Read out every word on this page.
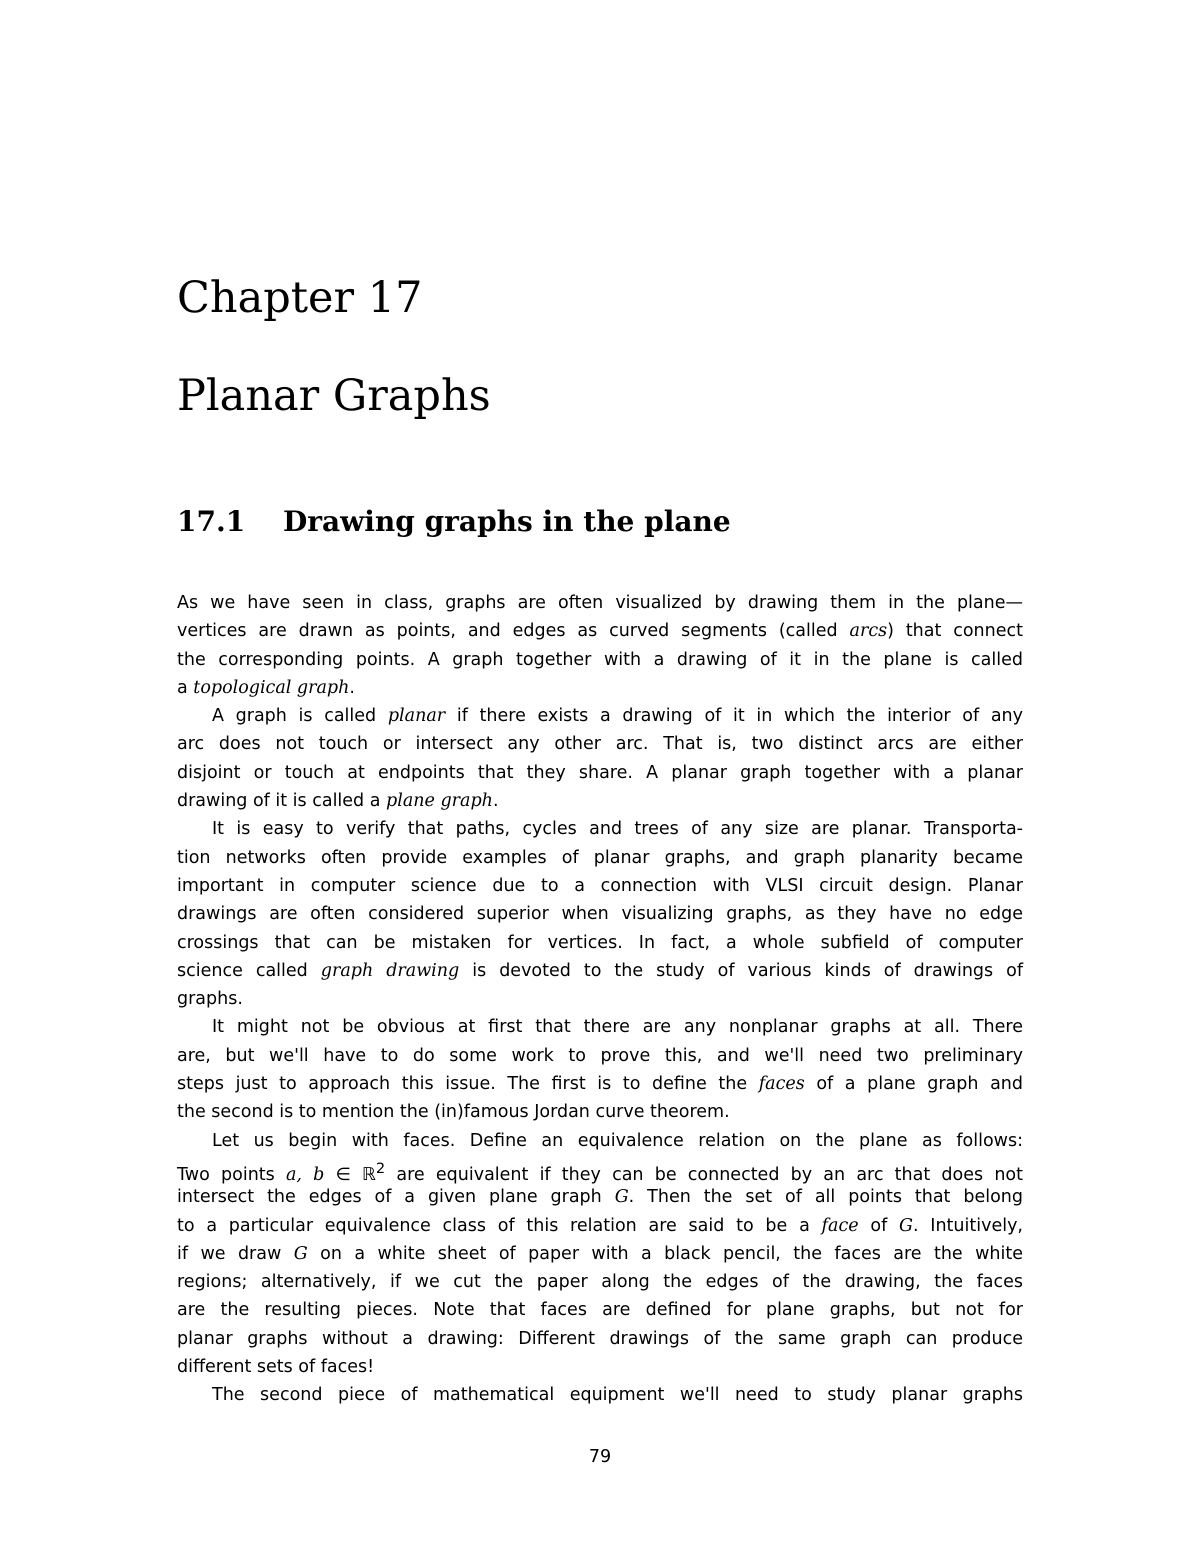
Chapter 17
Planar Graphs
17.1 Drawing graphs in the plane
As we have seen in class, graphs are often visualized by drawing them in the plane—
vertices are drawn as points, and edges as curved segments (called arcs) that connect
the corresponding points. A graph together with a drawing of it in the plane is called
a topological graph.
A graph is called planar if there exists a drawing of it in which the interior of any
arc does not touch or intersect any other arc. That is, two distinct arcs are either
disjoint or touch at endpoints that they share. A planar graph together with a planar
drawing of it is called a plane graph.
It is easy to verify that paths, cycles and trees of any size are planar. Transporta-
tion networks often provide examples of planar graphs, and graph planarity became
important in computer science due to a connection with VLSI circuit design. Planar
drawings are often considered superior when visualizing graphs, as they have no edge
crossings that can be mistaken for vertices. In fact, a whole subfield of computer
science called graph drawing is devoted to the study of various kinds of drawings of
graphs.
It might not be obvious at first that there are any nonplanar graphs at all. There
are, but we'll have to do some work to prove this, and we'll need two preliminary
steps just to approach this issue. The first is to define the faces of a plane graph and
the second is to mention the (in)famous Jordan curve theorem.
Let us begin with faces. Define an equivalence relation on the plane as follows:
Two points a, b ∈ ℝ$^2$ are equivalent if they can be connected by an arc that does not
intersect the edges of a given plane graph G. Then the set of all points that belong
to a particular equivalence class of this relation are said to be a face of G. Intuitively,
if we draw G on a white sheet of paper with a black pencil, the faces are the white
regions; alternatively, if we cut the paper along the edges of the drawing, the faces
are the resulting pieces. Note that faces are defined for plane graphs, but not for
planar graphs without a drawing: Different drawings of the same graph can produce
different sets of faces!
The second piece of mathematical equipment we'll need to study planar graphs
79
